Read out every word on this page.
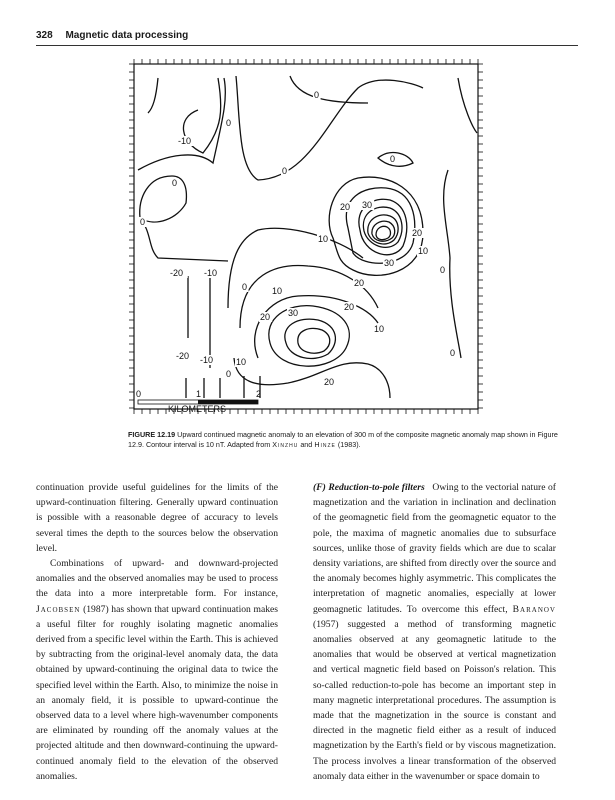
328 Magnetic data processing
0
0
-10
0
0
0
-20 -10
0
0
20 30
10
20
10
30
20
0
10
30
20
20
10
-20 -10
0
10
20
0
0	1	2
KILOMETERS
FIGURE 12.19 Upward continued magnetic anomaly to an elevation of 300 m of the composite magnetic anomaly map shown in Figure 12.9. Contour interval is 10 nT. Adapted from Xinzhu and Hinze (1983).

continuation provide useful guidelines for the limits of the upward-continuation filtering. Generally upward continuation is possible with a reasonable degree of accuracy to levels several times the depth to the sources below the observation level.

Combinations of upward- and downward-projected anomalies and the observed anomalies may be used to process the data into a more interpretable form. For instance, Jacobsen (1987) has shown that upward continuation makes a useful filter for roughly isolating magnetic anomalies derived from a specific level within the Earth. This is achieved by subtracting from the original-level anomaly data, the data obtained by upward-continuing the original data to twice the specified level within the Earth. Also, to minimize the noise in an anomaly field, it is possible to upward-continue the observed data to a level where high-wavenumber components are eliminated by rounding off the anomaly values at the projected altitude and then downward-continuing the upward-continued anomaly field to the elevation of the observed anomalies.

(F) Reduction-to-pole filters Owing to the vectorial nature of magnetization and the variation in inclination and declination of the geomagnetic field from the geomagnetic equator to the pole, the maxima of magnetic anomalies due to subsurface sources, unlike those of gravity fields which are due to scalar density variations, are shifted from directly over the source and the anomaly becomes highly asymmetric. This complicates the interpretation of magnetic anomalies, especially at lower geomagnetic latitudes. To overcome this effect, Baranov (1957) suggested a method of transforming magnetic anomalies observed at any geomagnetic latitude to the anomalies that would be observed at vertical magnetization and vertical magnetic field based on Poisson's relation. This so-called reduction-to-pole has become an important step in many magnetic interpretational procedures. The assumption is made that the magnetization in the source is constant and directed in the magnetic field either as a result of induced magnetization by the Earth's field or by viscous magnetization. The process involves a linear transformation of the observed anomaly data either in the wavenumber or space domain to
